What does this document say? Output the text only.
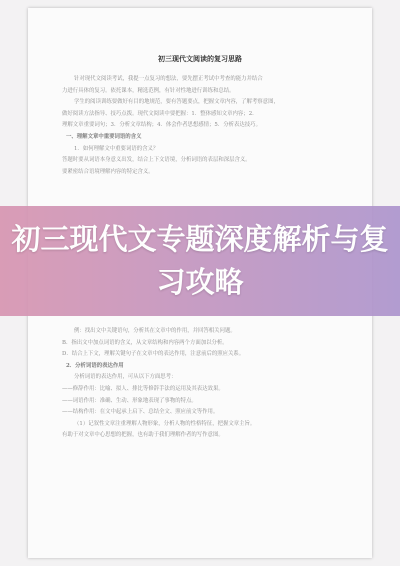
初三现代文阅读的复习思路
针对现代文阅读考试，我提一点复习的想法，要先摆正考试中考查的能力并结合
力进行具体的复习。依托课本，精选范例，有针对性地进行训练和总结。
学生的阅读训练要做好有目的地规范，要有答题要点，把握文章内容，了解考察意图，
做好阅读方法指导、技巧点拨。现代文阅读中要把握：1．整体感知文章内容；2．
理解文章重要词句；3．分析文章结构；4．体会作者思想感情；5．分析表达技巧。
一、理解文章中重要词语的含义
1．如何理解文中重要词语的含义？
答题时要从词语本身意义出发，结合上下文语境，分析词语的表层和深层含义。
要紧密结合语境理解内容的特定含义。
例：找出文中关键语句，分析其在文章中的作用，并回答相关问题。
B．指出文中加点词语的含义，从文章结构和内容两个方面加以分析。
D．结合上下文，理解关键句子在文章中的表达作用，注意前后的照应关系。
2．分析词语的表达作用
分析词语的表达作用，可从以下方面思考：
——修辞作用：比喻、拟人、排比等修辞手法的运用及其表达效果。
——词语作用：准确、生动、形象地表现了事物的特点。
——结构作用：在文中起承上启下、总结全文、照应前文等作用。
（1）记叙性文章注重理解人物形象，分析人物的性格特征，把握文章主旨。
有助于对文章中心思想的把握，也有助于我们理解作者的写作意图。
初三现代文专题深度解析与复习攻略
